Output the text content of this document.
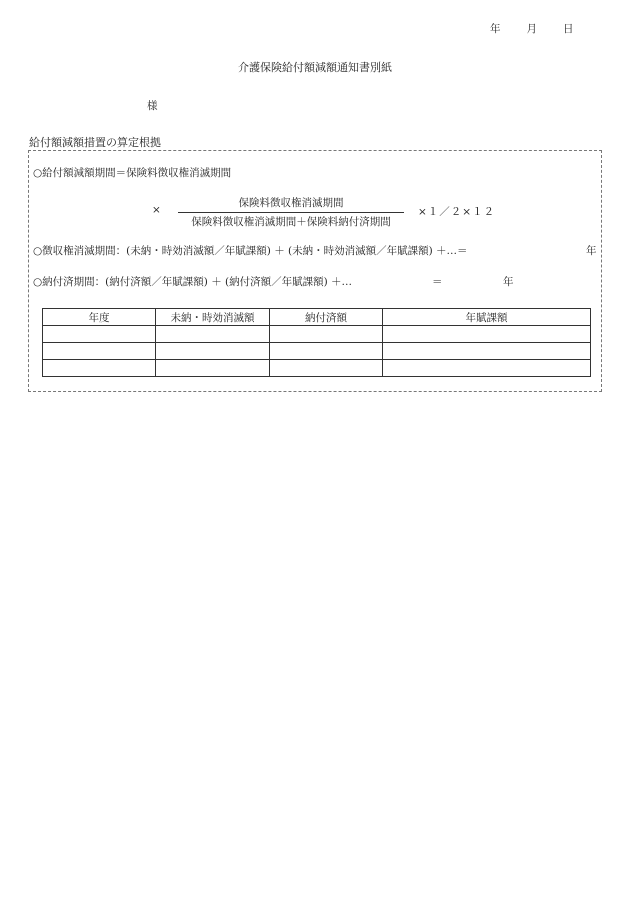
年 月 日
介護保険給付額減額通知書別紙
様
給付額減額措置の算定根拠
○給付額減額期間＝保険料徴収権消滅期間
×
保険料徴収権消滅期間
保険料徴収権消滅期間＋保険料納付済期間
×１／２×１２
○徴収権消滅期間：(未納・時効消滅額／年賦課額) ＋ (未納・時効消滅額／年賦課額) ＋…＝	年
○納付済期間：(納付済額／年賦課額) ＋ (納付済額／年賦課額) ＋…	＝	年
年度	未納・時効消滅額	納付済額	年賦課額
